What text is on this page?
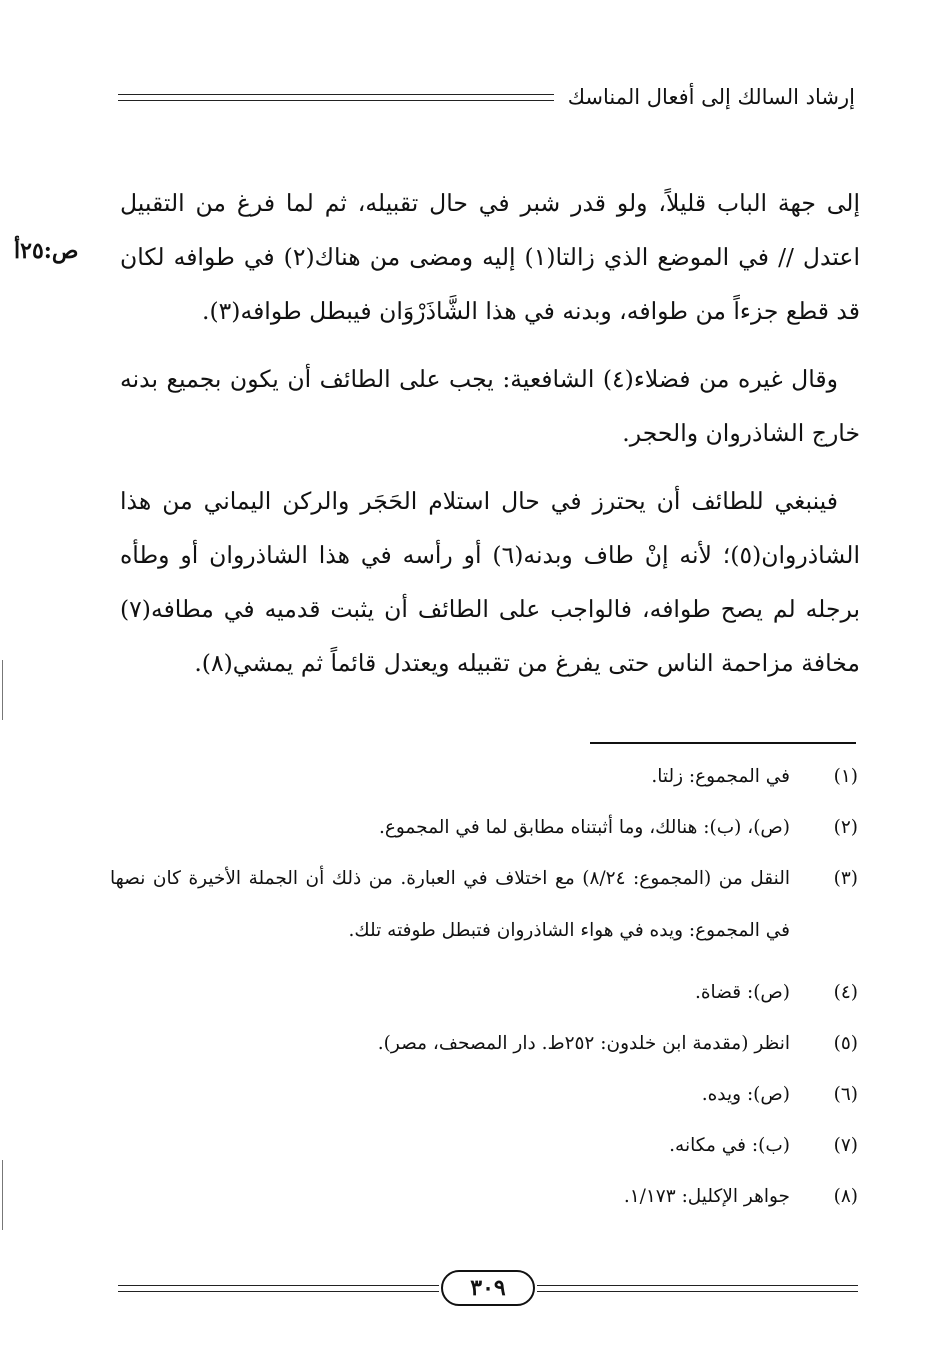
إرشاد السالك إلى أفعال المناسك
ص:٢٥أ

إلى جهة الباب قليلاً، ولو قدر شبر في حال تقبيله، ثم لما فرغ من التقبيل اعتدل // في الموضع الذي زالتا(١) إليه ومضى من هناك(٢) في طوافه لكان قد قطع جزءاً من طوافه، وبدنه في هذا الشَّاذَرْوَان فيبطل طوافه(٣).

وقال غيره من فضلاء(٤) الشافعية: يجب على الطائف أن يكون بجميع بدنه خارج الشاذروان والحجر.

فينبغي للطائف أن يحترز في حال استلام الحَجَر والركن اليماني من هذا الشاذروان(٥)؛ لأنه إنْ طاف وبدنه(٦) أو رأسه في هذا الشاذروان أو وطأه برجله لم يصح طوافه، فالواجب على الطائف أن يثبت قدميه في مطافه(٧) مخافة مزاحمة الناس حتى يفرغ من تقبيله ويعتدل قائماً ثم يمشي(٨).

(١)
في المجموع: زلتا.
(٢)
(ص)، (ب): هنالك، وما أثبتناه مطابق لما في المجموع.
(٣)
النقل من (المجموع: ٨/٢٤) مع اختلاف في العبارة. من ذلك أن الجملة الأخيرة كان نصها في المجموع: ويده في هواء الشاذروان فتبطل طوفته تلك.
(٤)
(ص): قضاة.
(٥)
انظر (مقدمة ابن خلدون: ٢٥٢ط. دار المصحف، مصر).
(٦)
(ص): ويده.
(٧)
(ب): في مكانه.
(٨)
جواهر الإكليل: ١/١٧٣.
٣٠٩
